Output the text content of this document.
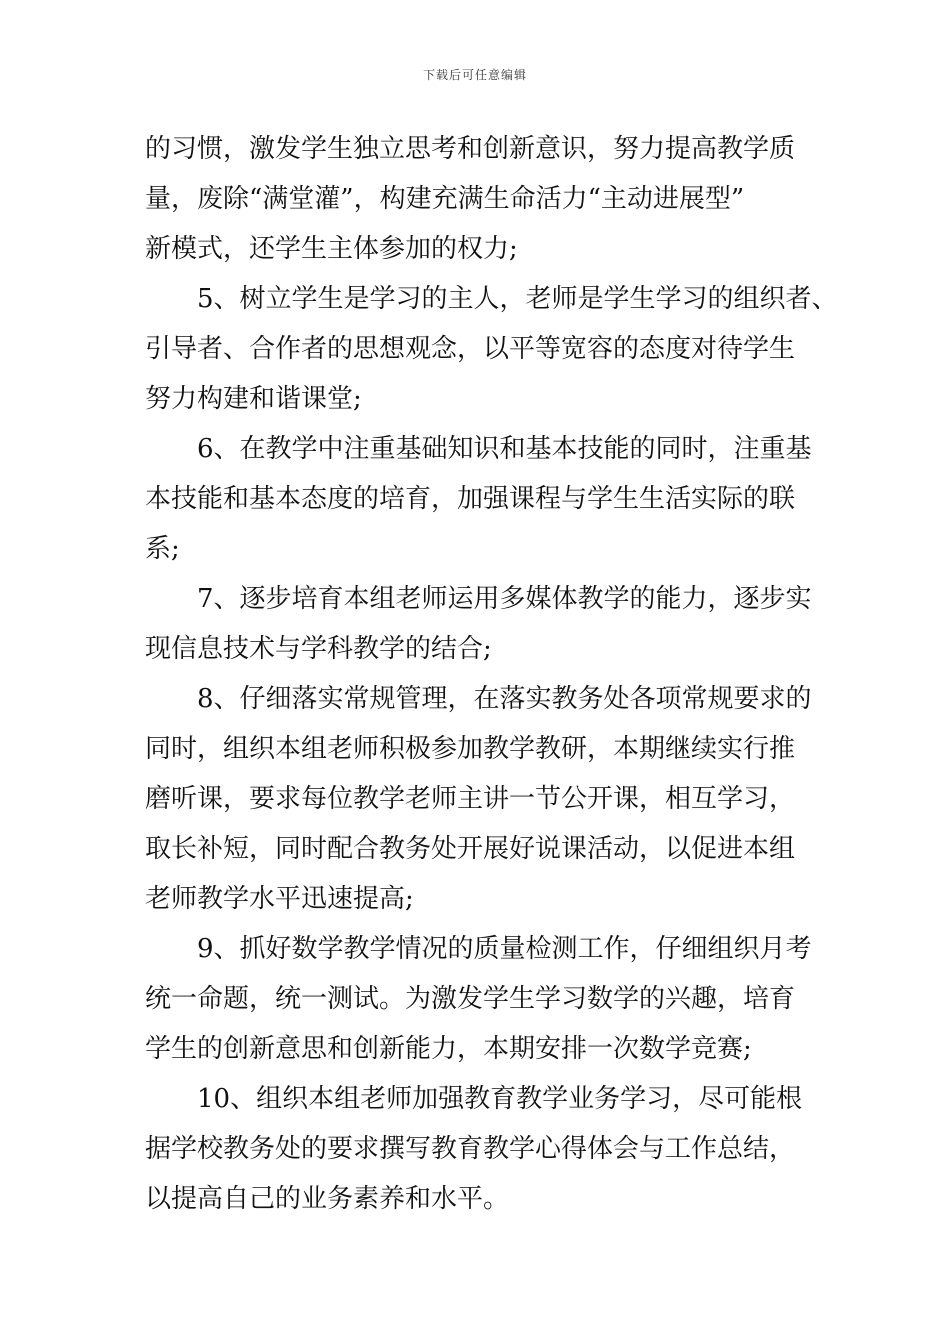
下载后可任意编辑
的习惯，激发学生独立思考和创新意识，努力提高教学质
量，废除“满堂灌”，构建充满生命活力“主动进展型”
新模式，还学生主体参加的权力;
5、树立学生是学习的主人，老师是学生学习的组织者、
引导者、合作者的思想观念，以平等宽容的态度对待学生
努力构建和谐课堂;
6、在教学中注重基础知识和基本技能的同时，注重基
本技能和基本态度的培育，加强课程与学生生活实际的联
系;
7、逐步培育本组老师运用多媒体教学的能力，逐步实
现信息技术与学科教学的结合;
8、仔细落实常规管理，在落实教务处各项常规要求的
同时，组织本组老师积极参加教学教研，本期继续实行推
磨听课，要求每位教学老师主讲一节公开课，相互学习，
取长补短，同时配合教务处开展好说课活动，以促进本组
老师教学水平迅速提高;
9、抓好数学教学情况的质量检测工作，仔细组织月考
统一命题，统一测试。为激发学生学习数学的兴趣，培育
学生的创新意思和创新能力，本期安排一次数学竞赛;
10、组织本组老师加强教育教学业务学习，尽可能根
据学校教务处的要求撰写教育教学心得体会与工作总结，
以提高自己的业务素养和水平。
